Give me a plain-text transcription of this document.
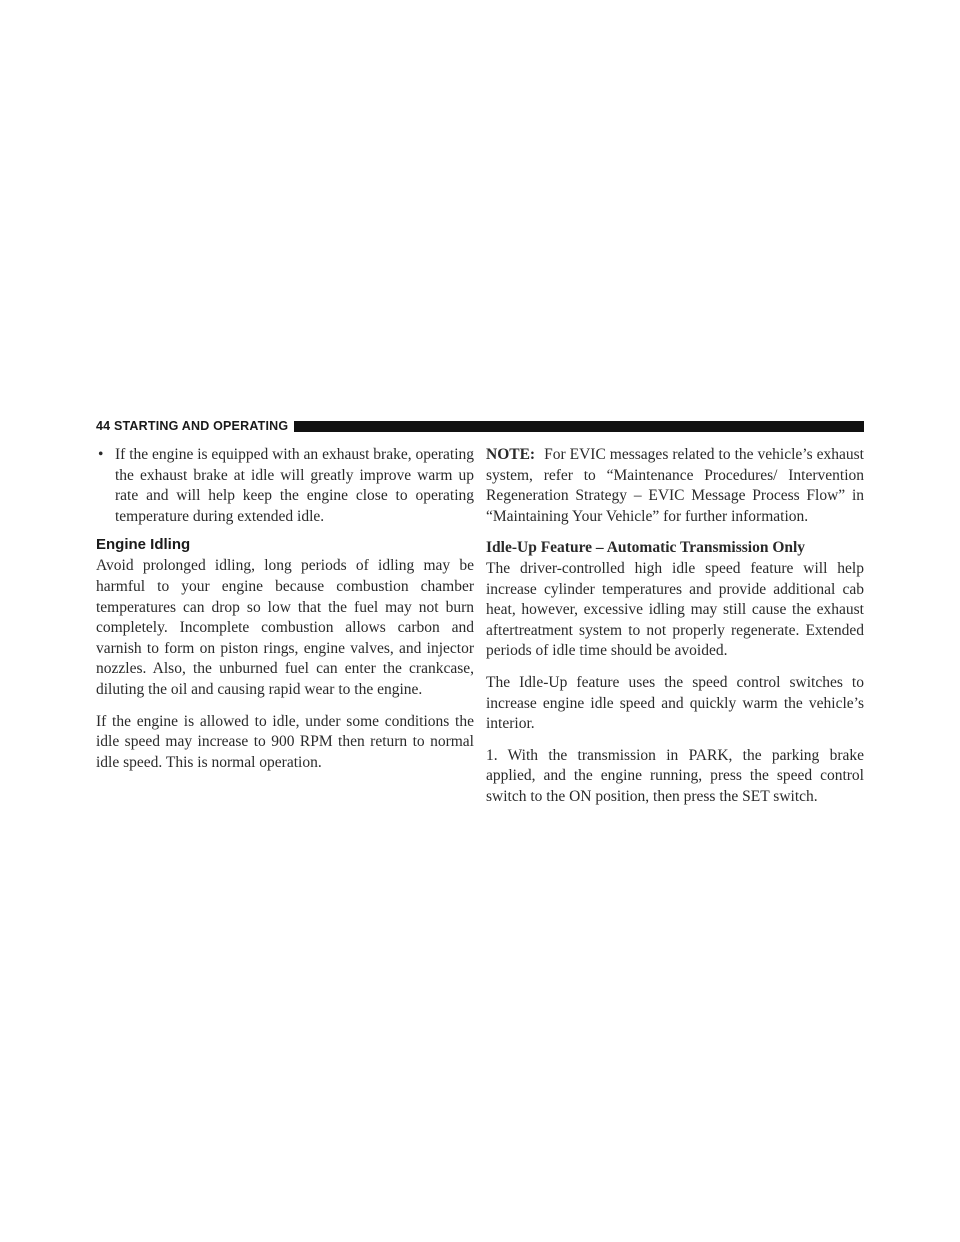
44 STARTING AND OPERATING
• If the engine is equipped with an exhaust brake, operating the exhaust brake at idle will greatly improve warm up rate and will help keep the engine close to operating temperature during extended idle.
Engine Idling

Avoid prolonged idling, long periods of idling may be harmful to your engine because combustion chamber temperatures can drop so low that the fuel may not burn completely. Incomplete combustion allows carbon and varnish to form on piston rings, engine valves, and injector nozzles. Also, the unburned fuel can enter the crankcase, diluting the oil and causing rapid wear to the engine.

If the engine is allowed to idle, under some conditions the idle speed may increase to 900 RPM then return to normal idle speed. This is normal operation.

NOTE: For EVIC messages related to the vehicle’s exhaust system, refer to “Maintenance Procedures/ Intervention Regeneration Strategy – EVIC Message Process Flow” in “Maintaining Your Vehicle” for further information.

Idle-Up Feature – Automatic Transmission Only

The driver-controlled high idle speed feature will help increase cylinder temperatures and provide additional cab heat, however, excessive idling may still cause the exhaust aftertreatment system to not properly regenerate. Extended periods of idle time should be avoided.

The Idle-Up feature uses the speed control switches to increase engine idle speed and quickly warm the vehicle’s interior.

1. With the transmission in PARK, the parking brake applied, and the engine running, press the speed control switch to the ON position, then press the SET switch.
